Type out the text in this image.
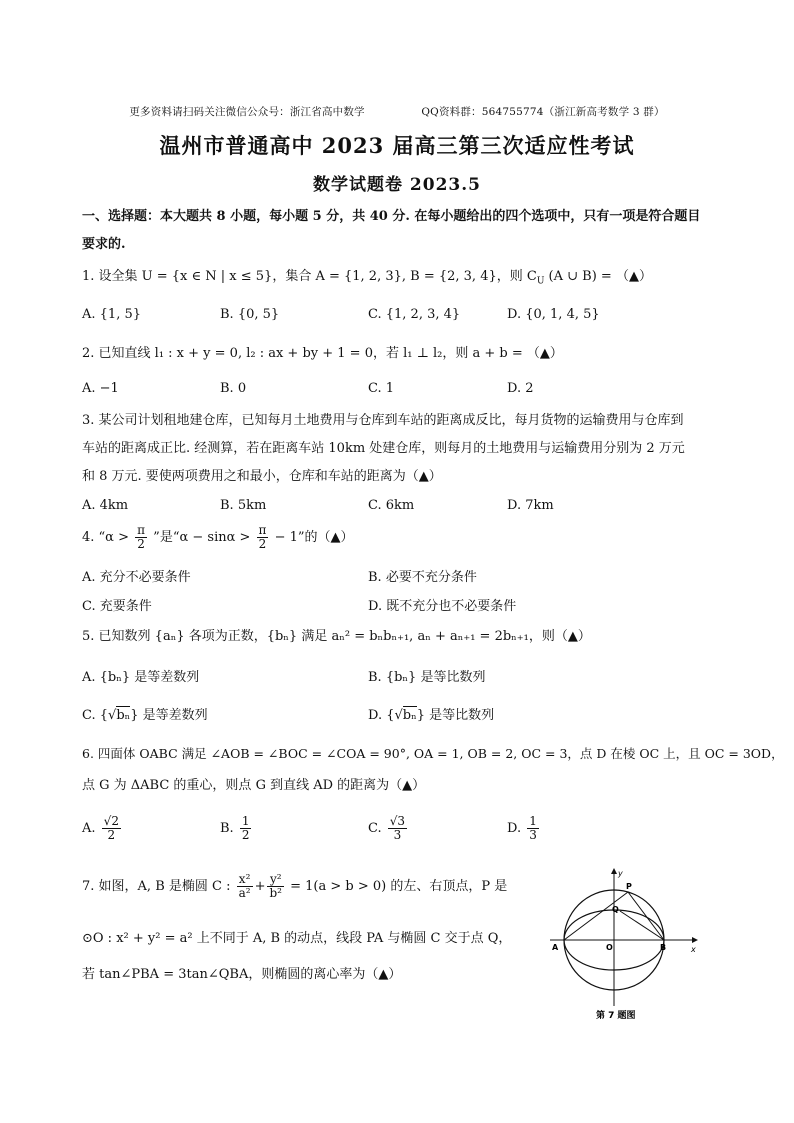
更多资料请扫码关注微信公众号：浙江省高中数学                QQ资料群：564755774（浙江新高考数学 3 群）
温州市普通高中 2023 届高三第三次适应性考试
数学试题卷 2023.5
一、选择题：本大题共 8 小题，每小题 5 分，共 40 分. 在每小题给出的四个选项中，只有一项是符合题目
要求的.
1. 设全集 U = {x ∈ N | x ≤ 5}，集合 A = {1, 2, 3}, B = {2, 3, 4}，则 $C_U$ (A ∪ B) = （▲）
A. {1, 5}	B. {0, 5}	C. {1, 2, 3, 4}	D. {0, 1, 4, 5}
2. 已知直线 l₁ : x + y = 0, l₂ : ax + by + 1 = 0，若 l₁ ⊥ l₂，则 a + b = （▲）
A. −1	B. 0	C. 1	D. 2
3. 某公司计划租地建仓库，已知每月土地费用与仓库到车站的距离成反比，每月货物的运输费用与仓库到
车站的距离成正比. 经测算，若在距离车站 10km 处建仓库，则每月的土地费用与运输费用分别为 2 万元
和 8 万元. 要使两项费用之和最小，仓库和车站的距离为（▲）
A. 4km	B. 5km	C. 6km	D. 7km
4. “$\alpha > \frac{\pi}{2}$ ”是“$\alpha - \sin\alpha > \frac{\pi}{2} - 1$”的（▲）
A. 充分不必要条件	B. 必要不充分条件
C. 充要条件	D. 既不充分也不必要条件
5. 已知数列 {aₙ} 各项为正数，{bₙ} 满足 aₙ² = bₙbₙ₊₁, aₙ + aₙ₊₁ = 2bₙ₊₁，则（▲）
A. {bₙ} 是等差数列	B. {bₙ} 是等比数列
C. {√bₙ} 是等差数列	D. {√bₙ} 是等比数列
6. 四面体 OABC 满足 ∠AOB = ∠BOC = ∠COA = 90°, OA = 1, OB = 2, OC = 3，点 D 在棱 OC 上，且 OC = 3OD，
点 G 为 ΔABC 的重心，则点 G 到直线 AD 的距离为（▲）
A. $\frac{√2}{2}$	B. $\frac{1}{2}$	C. $\frac{√3}{3}$	D. $\frac{1}{3}$
7. 如图，A, B 是椭圆 C : $\frac{\text{x²}}{\text{a²}} + \frac{\text{y²}}{\text{b²}} = 1(a > b > 0)$ 的左、右顶点，P 是
⊙O : x² + y² = a² 上不同于 A, B 的动点，线段 PA 与椭圆 C 交于点 Q，
若 tan∠PBA = 3tan∠QBA，则椭圆的离心率为（▲）
y
x
P
Q
A	O	B
第 7 题图
